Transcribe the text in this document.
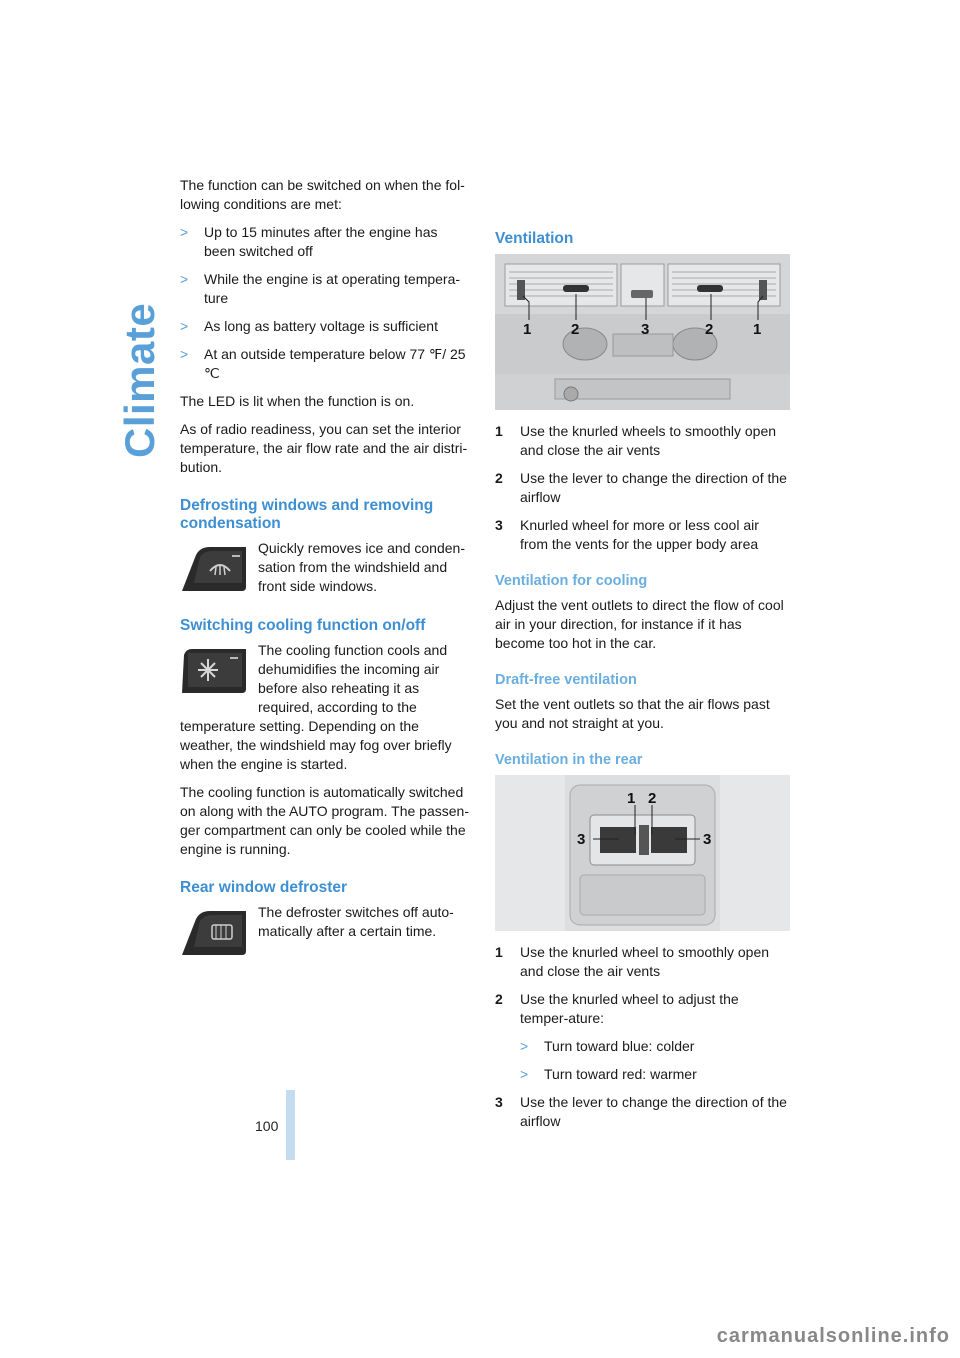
Climate

The function can be switched on when the fol-lowing conditions are met:

>	Up to 15 minutes after the engine has been switched off
>	While the engine is at operating tempera-ture
>	As long as battery voltage is sufficient
>	At an outside temperature below 77 ℉/ 25 ℃

The LED is lit when the function is on.

As of radio readiness, you can set the interior temperature, the air flow rate and the air distri-bution.

Defrosting windows and removing condensation
Quickly removes ice and conden-sation from the windshield and front side windows.
Switching cooling function on/off
The cooling function cools and dehumidifies the incoming air before also reheating it as required, according to the temperature setting. Depending on the weather, the windshield may fog over briefly when the engine is started.

The cooling function is automatically switched on along with the AUTO program. The passen-ger compartment can only be cooled while the engine is running.

Rear window defroster
The defroster switches off auto-matically after a certain time.
Ventilation
1	2	3	2	1
1	Use the knurled wheels to smoothly open and close the air vents
2	Use the lever to change the direction of the airflow
3	Knurled wheel for more or less cool air from the vents for the upper body area
Ventilation for cooling

Adjust the vent outlets to direct the flow of cool air in your direction, for instance if it has become too hot in the car.

Draft-free ventilation

Set the vent outlets so that the air flows past you and not straight at you.

Ventilation in the rear
1 2
3	3
1	Use the knurled wheel to smoothly open and close the air vents
2	Use the knurled wheel to adjust the temper-ature:
>	Turn toward blue: colder
>	Turn toward red: warmer
3	Use the lever to change the direction of the airflow
100
carmanualsonline.info
